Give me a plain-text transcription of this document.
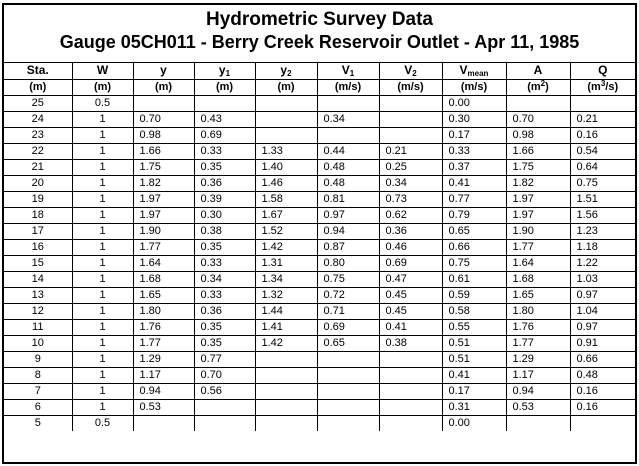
Hydrometric Survey Data
Gauge 05CH011 - Berry Creek Reservoir Outlet - Apr 11, 1985
Sta.	W	y	$y_1$	$y_2$	$V_1$	$V_2$	$V_{mean}$	A	Q
(m)	(m)	(m)	(m)	(m)	(m/s)	(m/s)	(m/s)	$(m^2)$	$(m^3/s)$
25	0.5						0.00		
24	1	0.70	0.43		0.34		0.30	0.70	0.21
23	1	0.98	0.69				0.17	0.98	0.16
22	1	1.66	0.33	1.33	0.44	0.21	0.33	1.66	0.54
21	1	1.75	0.35	1.40	0.48	0.25	0.37	1.75	0.64
20	1	1.82	0.36	1.46	0.48	0.34	0.41	1.82	0.75
19	1	1.97	0.39	1.58	0.81	0.73	0.77	1.97	1.51
18	1	1.97	0.30	1.67	0.97	0.62	0.79	1.97	1.56
17	1	1.90	0.38	1.52	0.94	0.36	0.65	1.90	1.23
16	1	1.77	0.35	1.42	0.87	0.46	0.66	1.77	1.18
15	1	1.64	0.33	1.31	0.80	0.69	0.75	1.64	1.22
14	1	1.68	0.34	1.34	0.75	0.47	0.61	1.68	1.03
13	1	1.65	0.33	1.32	0.72	0.45	0.59	1.65	0.97
12	1	1.80	0.36	1.44	0.71	0.45	0.58	1.80	1.04
11	1	1.76	0.35	1.41	0.69	0.41	0.55	1.76	0.97
10	1	1.77	0.35	1.42	0.65	0.38	0.51	1.77	0.91
9	1	1.29	0.77				0.51	1.29	0.66
8	1	1.17	0.70				0.41	1.17	0.48
7	1	0.94	0.56				0.17	0.94	0.16
6	1	0.53					0.31	0.53	0.16
5	0.5						0.00		
